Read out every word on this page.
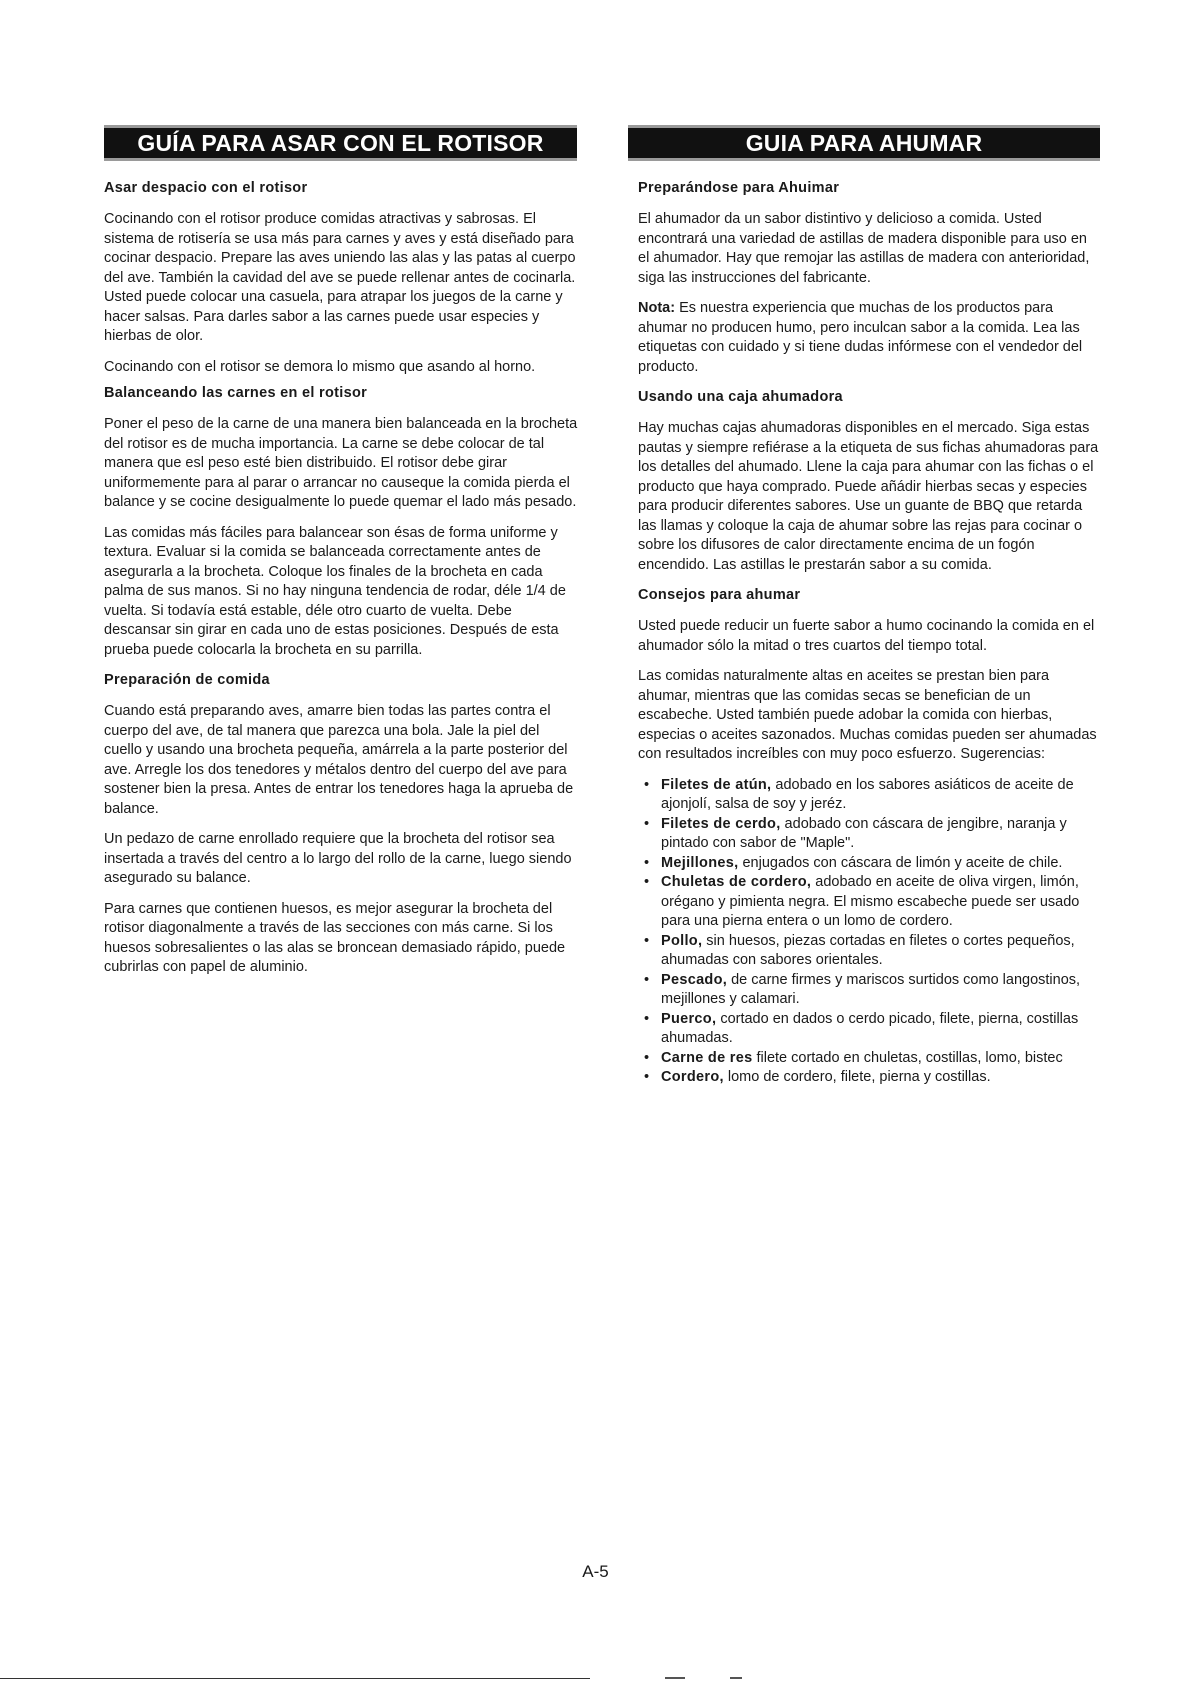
GUÍA PARA ASAR CON EL ROTISOR
Asar despacio con el rotisor

Cocinando con el rotisor produce comidas atractivas y sabrosas. El sistema de rotisería se usa más para carnes y aves y está diseñado para cocinar despacio. Prepare las aves uniendo las alas y las patas al cuerpo del ave. También la cavidad del ave se puede rellenar antes de cocinarla. Usted puede colocar una casuela, para atrapar los juegos de la carne y hacer salsas. Para darles sabor a las carnes puede usar especies y hierbas de olor.

Cocinando con el rotisor se demora lo mismo que asando al horno.

Balanceando las carnes en el rotisor

Poner el peso de la carne de una manera bien balanceada en la brocheta del rotisor es de mucha importancia. La carne se debe colocar de tal manera que esl peso esté bien distribuido. El rotisor debe girar uniformemente para al parar o arrancar no causeque la comida pierda el balance y se cocine desigualmente lo puede quemar el lado más pesado.

Las comidas más fáciles para balancear son ésas de forma uniforme y textura. Evaluar si la comida se balanceada correctamente antes de asegurarla a la brocheta. Coloque los finales de la brocheta en cada palma de sus manos. Si no hay ninguna tendencia de rodar, déle 1/4 de vuelta. Si todavía está estable, déle otro cuarto de vuelta. Debe descansar sin girar en cada uno de estas posiciones. Después de esta prueba puede colocarla la brocheta en su parrilla.

Preparación de comida

Cuando está preparando aves, amarre bien todas las partes contra el cuerpo del ave, de tal manera que parezca una bola. Jale la piel del cuello y usando una brocheta pequeña, amárrela a la parte posterior del ave. Arregle los dos tenedores y métalos dentro del cuerpo del ave para sostener bien la presa. Antes de entrar los tenedores haga la aprueba de balance.

Un pedazo de carne enrollado requiere que la brocheta del rotisor sea insertada a través del centro a lo largo del rollo de la carne, luego siendo asegurado su balance.

Para carnes que contienen huesos, es mejor asegurar la brocheta del rotisor diagonalmente a través de las secciones con más carne. Si los huesos sobresalientes o las alas se broncean demasiado rápido, puede cubrirlas con papel de aluminio.

GUIA PARA AHUMAR
Preparándose para Ahuimar

El ahumador da un sabor distintivo y delicioso a comida. Usted encontrará una variedad de astillas de madera disponible para uso en el ahumador. Hay que remojar las astillas de madera con anterioridad, siga las instrucciones del fabricante.

Nota: Es nuestra experiencia que muchas de los productos para ahumar no producen humo, pero inculcan sabor a la comida. Lea las etiquetas con cuidado y si tiene dudas infórmese con el vendedor del producto.

Usando una caja ahumadora

Hay muchas cajas ahumadoras disponibles en el mercado. Siga estas pautas y siempre refiérase a la etiqueta de sus fichas ahumadoras para los detalles del ahumado. Llene la caja para ahumar con las fichas o el producto que haya comprado. Puede añádir hierbas secas y especies para producir diferentes sabores. Use un guante de BBQ que retarda las llamas y coloque la caja de ahumar sobre las rejas para cocinar o sobre los difusores de calor directamente encima de un fogón encendido. Las astillas le prestarán sabor a su comida.

Consejos para ahumar

Usted puede reducir un fuerte sabor a humo cocinando la comida en el ahumador sólo la mitad o tres cuartos del tiempo total.

Las comidas naturalmente altas en aceites se prestan bien para ahumar, mientras que las comidas secas se benefician de un escabeche. Usted también puede adobar la comida con hierbas, especias o aceites sazonados. Muchas comidas pueden ser ahumadas con resultados increíbles con muy poco esfuerzo. Sugerencias:

• Filetes de atún, adobado en los sabores asiáticos de aceite de ajonjolí, salsa de soy y jeréz.
• Filetes de cerdo, adobado con cáscara de jengibre, naranja y pintado con sabor de "Maple".
• Mejillones, enjugados con cáscara de limón y aceite de chile.
• Chuletas de cordero, adobado en aceite de oliva virgen, limón, orégano y pimienta negra. El mismo escabeche puede ser usado para una pierna entera o un lomo de cordero.
• Pollo, sin huesos, piezas cortadas en filetes o cortes pequeños, ahumadas con sabores orientales.
• Pescado, de carne firmes y mariscos surtidos como langostinos, mejillones y calamari.
• Puerco, cortado en dados o cerdo picado, filete, pierna, costillas ahumadas.
• Carne de res filete cortado en chuletas, costillas, lomo, bistec
• Cordero, lomo de cordero, filete, pierna y costillas.
A-5
